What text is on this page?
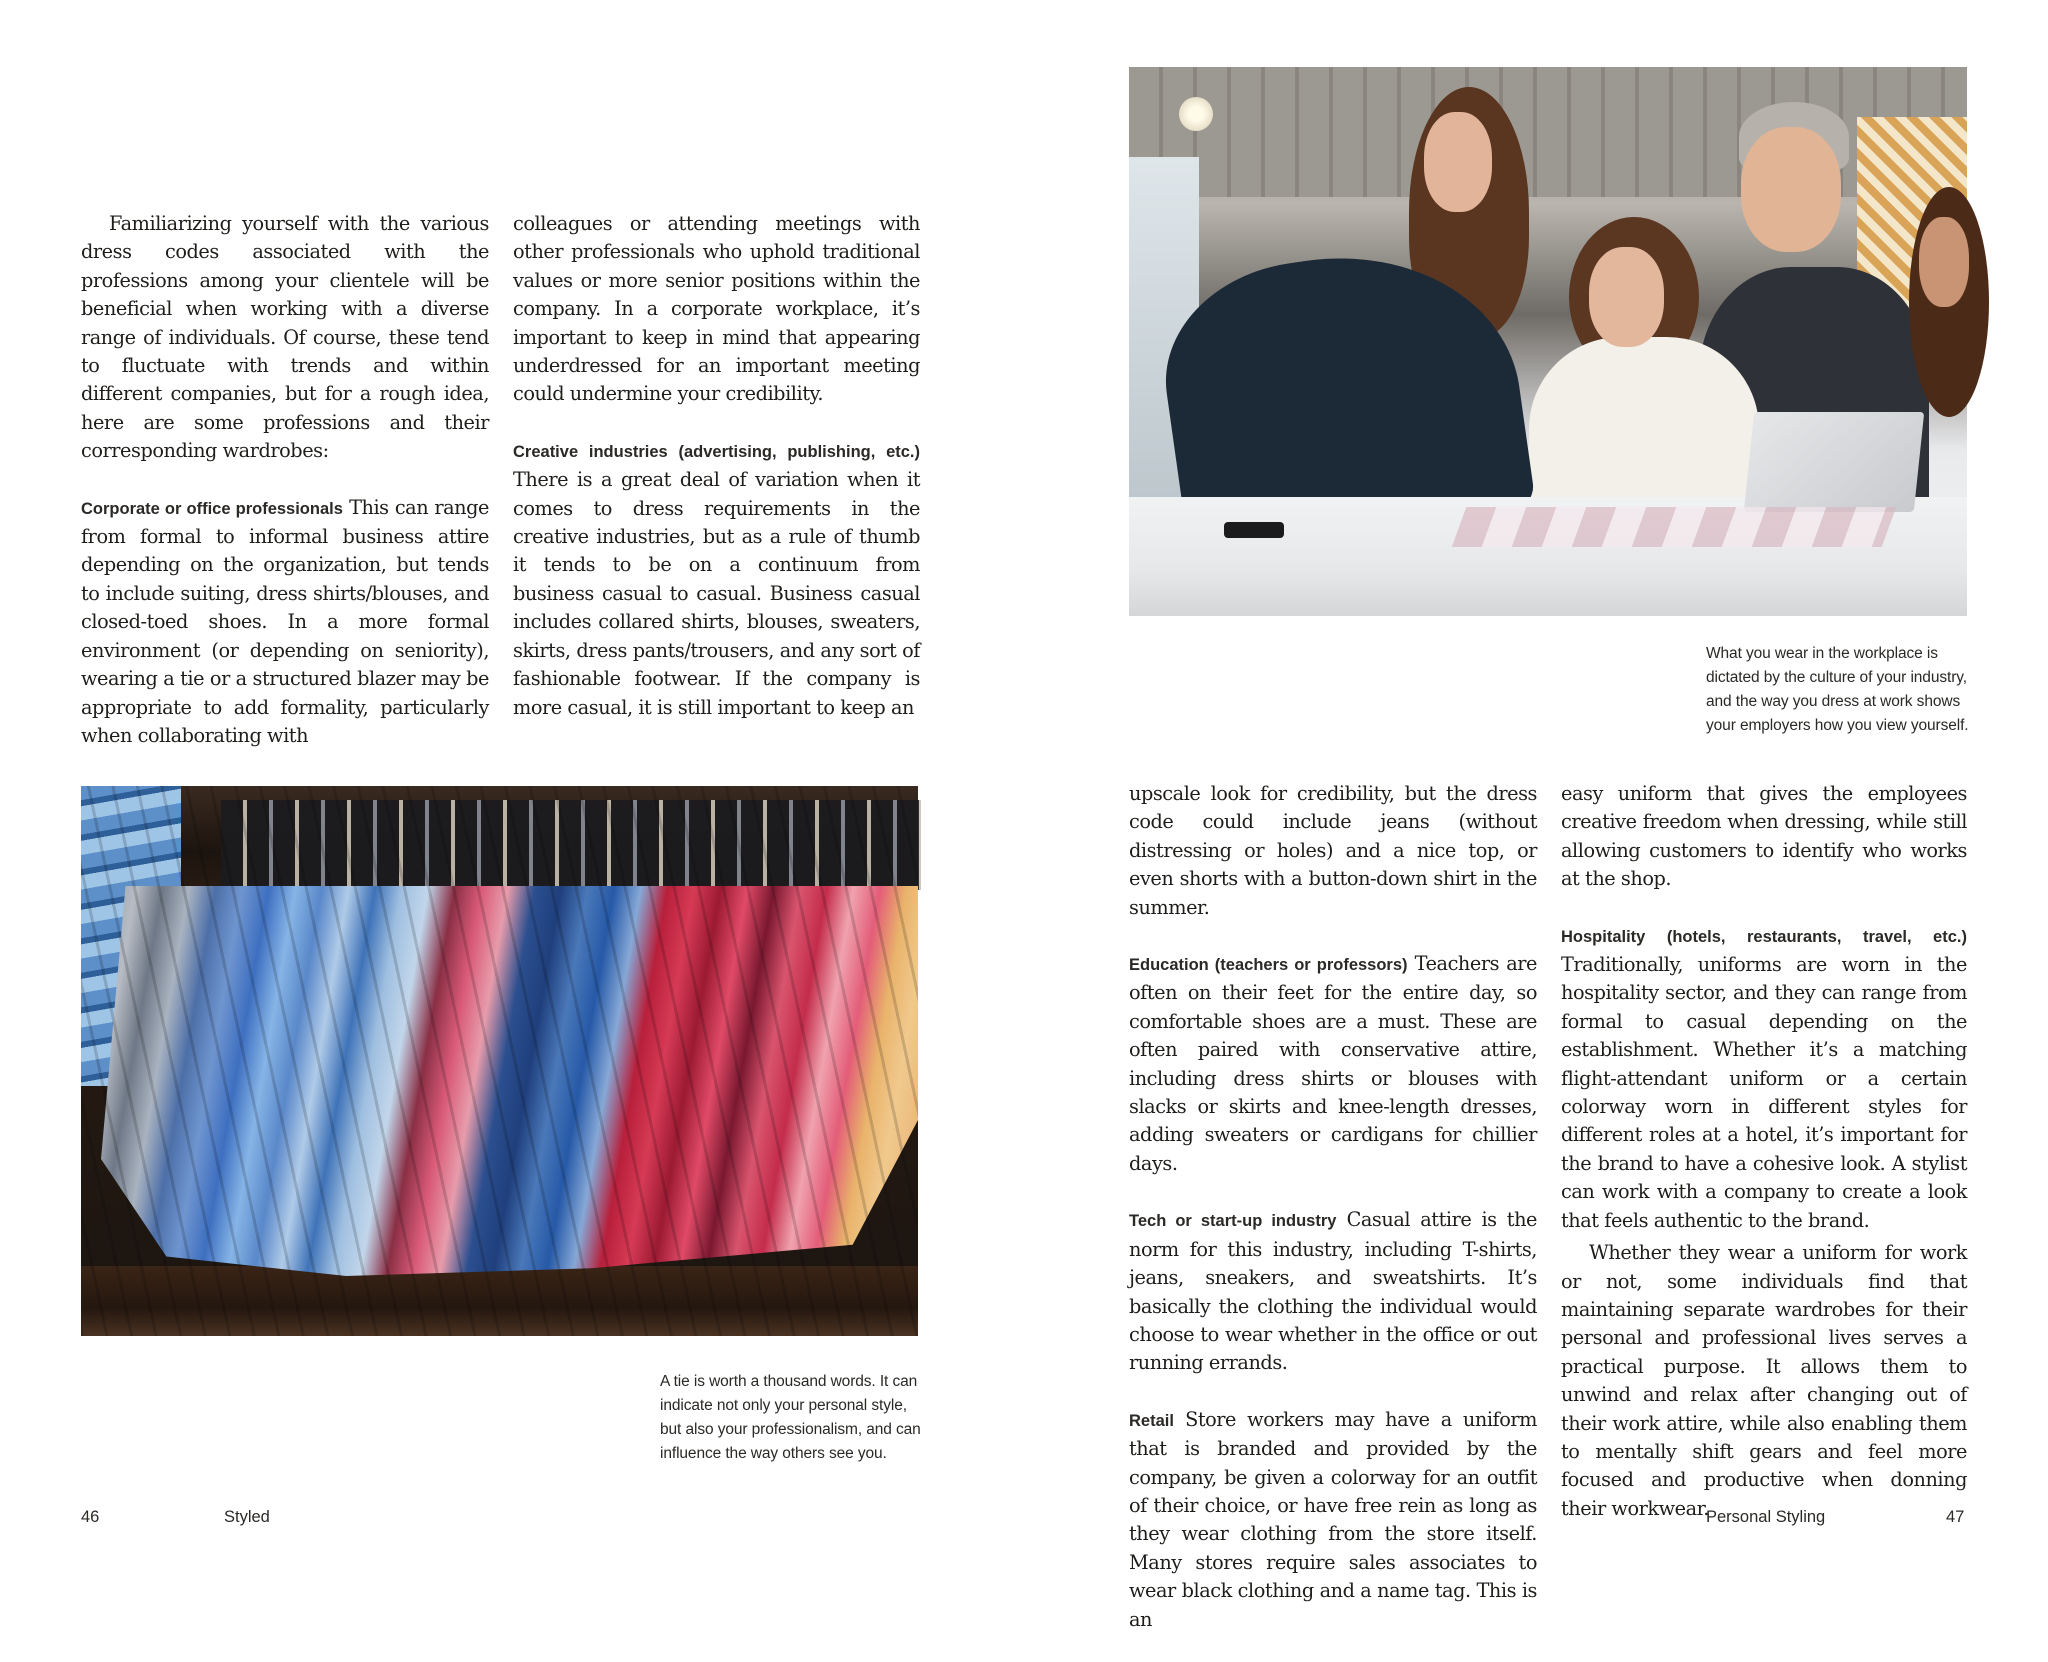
Familiarizing yourself with the various dress codes associated with the professions among your clientele will be beneficial when working with a diverse range of individuals. Of course, these tend to fluctuate with trends and within different companies, but for a rough idea, here are some professions and their corresponding wardrobes:

Corporate or office professionals This can range from formal to informal business attire depending on the organization, but tends to include suiting, dress shirts/blouses, and closed-toed shoes. In a more formal environment (or depending on seniority), wearing a tie or a structured blazer may be appropriate to add formality, particularly when collaborating with

colleagues or attending meetings with other professionals who uphold traditional values or more senior positions within the company. In a corporate workplace, it’s important to keep in mind that appearing underdressed for an important meeting could undermine your credibility.

Creative industries (advertising, publishing, etc.) There is a great deal of variation when it comes to dress requirements in the creative industries, but as a rule of thumb it tends to be on a continuum from business casual to casual. Business casual includes collared shirts, blouses, sweaters, skirts, dress pants/trousers, and any sort of fashionable footwear. If the company is more casual, it is still important to keep an

A tie is worth a thousand words. It can indicate not only your personal style, but also your professionalism, and can influence the way others see you.

46	Styled

What you wear in the workplace is dictated by the culture of your industry, and the way you dress at work shows your employers how you view yourself.

upscale look for credibility, but the dress code could include jeans (without distressing or holes) and a nice top, or even shorts with a button-down shirt in the summer.

Education (teachers or professors) Teachers are often on their feet for the entire day, so comfortable shoes are a must. These are often paired with conservative attire, including dress shirts or blouses with slacks or skirts and knee-length dresses, adding sweaters or cardigans for chillier days.

Tech or start-up industry Casual attire is the norm for this industry, including T-shirts, jeans, sneakers, and sweatshirts. It’s basically the clothing the individual would choose to wear whether in the office or out running errands.

Retail Store workers may have a uniform that is branded and provided by the company, be given a colorway for an outfit of their choice, or have free rein as long as they wear clothing from the store itself. Many stores require sales associates to wear black clothing and a name tag. This is an

easy uniform that gives the employees creative freedom when dressing, while still allowing customers to identify who works at the shop.

Hospitality (hotels, restaurants, travel, etc.) Traditionally, uniforms are worn in the hospitality sector, and they can range from formal to casual depending on the establishment. Whether it’s a matching flight-attendant uniform or a certain colorway worn in different styles for different roles at a hotel, it’s important for the brand to have a cohesive look. A stylist can work with a company to create a look that feels authentic to the brand.

Whether they wear a uniform for work or not, some individuals find that maintaining separate wardrobes for their personal and professional lives serves a practical purpose. It allows them to unwind and relax after changing out of their work attire, while also enabling them to mentally shift gears and feel more focused and productive when donning their workwear.

Personal Styling	47
